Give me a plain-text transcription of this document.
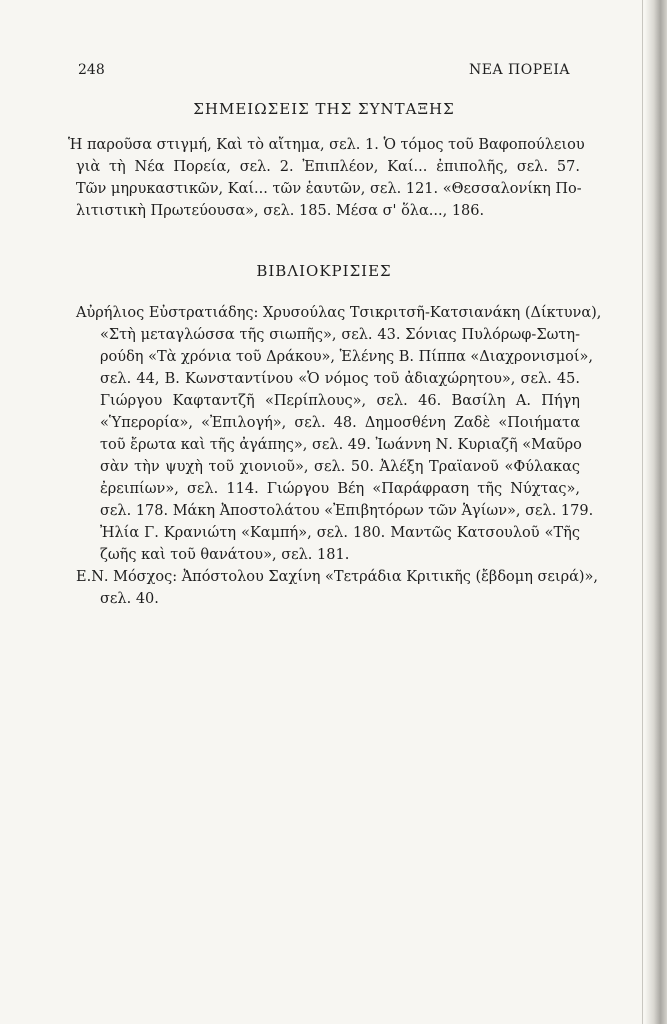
248	ΝΕΑ ΠΟΡΕΙΑ
ΣΗΜΕΙΩΣΕΙΣ ΤΗΣ ΣΥΝΤΑΞΗΣ
Ἡ παροῦσα στιγμή, Καὶ τὸ αἴτημα, σελ. 1. Ὁ τόμος τοῦ Βαφοπούλειου
γιὰ τὴ Νέα Πορεία, σελ. 2. Ἐπιπλέον, Καί... ἐπιπολῆς, σελ. 57.
Τῶν μηρυκαστικῶν, Καί... τῶν ἑαυτῶν, σελ. 121. «Θεσσαλονίκη Πο-
λιτιστικὴ Πρωτεύουσα», σελ. 185. Μέσα σ' ὅλα..., 186.
ΒΙΒΛΙΟΚΡΙΣΙΕΣ
Αὐρήλιος Εὐστρατιάδης: Χρυσούλας Τσικριτσῆ-Κατσιανάκη (Δίκτυνα),
«Στὴ μεταγλώσσα τῆς σιωπῆς», σελ. 43. Σόνιας Πυλόρωφ-Σωτη-
ρούδη «Τὰ χρόνια τοῦ Δράκου», Ἑλένης Β. Πίππα «Διαχρονισμοί»,
σελ. 44, Β. Κωνσταντίνου «Ὁ νόμος τοῦ ἀδιαχώρητου», σελ. 45.
Γιώργου Καφταντζῆ «Περίπλους», σελ. 46. Βασίλη Α. Πήγη
«Ὑπερορία», «Ἐπιλογή», σελ. 48. Δημοσθένη Ζαδὲ «Ποιήματα
τοῦ ἔρωτα καὶ τῆς ἀγάπης», σελ. 49. Ἰωάννη Ν. Κυριαζῆ «Μαῦρο
σὰν τὴν ψυχὴ τοῦ χιονιοῦ», σελ. 50. Ἀλέξη Τραϊανοῦ «Φύλακας
ἐρειπίων», σελ. 114. Γιώργου Βέη «Παράφραση τῆς Νύχτας»,
σελ. 178. Μάκη Ἀποστολάτου «Ἐπιβητόρων τῶν Ἁγίων», σελ. 179.
Ἠλία Γ. Κρανιώτη «Καμπή», σελ. 180. Μαντῶς Κατσουλοῦ «Τῆς
ζωῆς καὶ τοῦ θανάτου», σελ. 181.
Ε.Ν. Μόσχος: Ἀπόστολου Σαχίνη «Τετράδια Κριτικῆς (ἔβδομη σειρά)»,
σελ. 40.
